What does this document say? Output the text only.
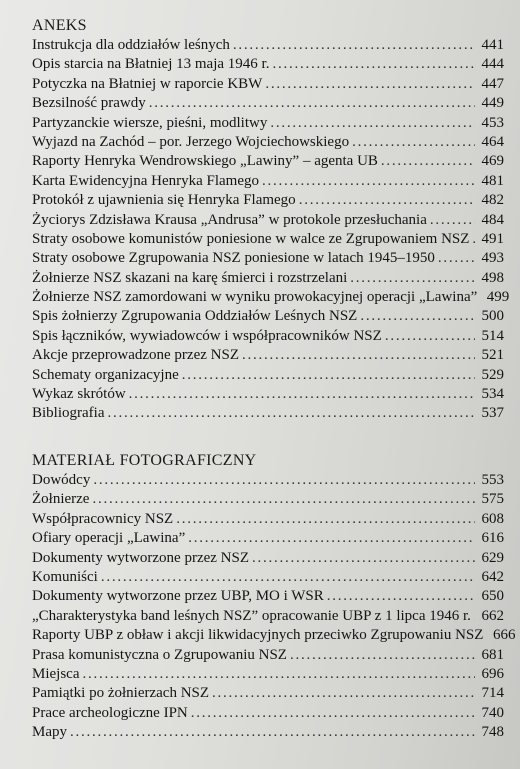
ANEKS
Instrukcja dla oddziałów leśnych . . .	441
Opis starcia na Błatniej 13 maja 1946 r. . . .	444
Potyczka na Błatniej w raporcie KBW . . .	447
Bezsilność prawdy . . .	449
Partyzanckie wiersze, pieśni, modlitwy . . .	453
Wyjazd na Zachód – por. Jerzego Wojciechowskiego . . .	464
Raporty Henryka Wendrowskiego „Lawiny” – agenta UB . . .	469
Karta Ewidencyjna Henryka Flamego . . .	481
Protokół z ujawnienia się Henryka Flamego . . .	482
Życiorys Zdzisława Krausa „Andrusa” w protokole przesłuchania . . .	484
Straty osobowe komunistów poniesione w walce ze Zgrupowaniem NSZ . . . 491
Straty osobowe Zgrupowania NSZ poniesione w latach 1945–1950 . . .	493
Żołnierze NSZ skazani na karę śmierci i rozstrzelani . . .	498
Żołnierze NSZ zamordowani w wyniku prowokacyjnej operacji „Lawina” 499
Spis żołnierzy Zgrupowania Oddziałów Leśnych NSZ . . .	500
Spis łączników, wywiadowców i współpracowników NSZ . . .	514
Akcje przeprowadzone przez NSZ . . .	521
Schematy organizacyjne . . .	529
Wykaz skrótów . . .	534
Bibliografia . . .	537
MATERIAŁ FOTOGRAFICZNY
Dowódcy . . .	553
Żołnierze . . .	575
Współpracownicy NSZ . . .	608
Ofiary operacji „Lawina” . . .	616
Dokumenty wytworzone przez NSZ . . .	629
Komuniści . . .	642
Dokumenty wytworzone przez UBP, MO i WSR . . .	650
„Charakterystyka band leśnych NSZ” opracowanie UBP z 1 lipca 1946 r. . . . 662
Raporty UBP z obław i akcji likwidacyjnych przeciwko Zgrupowaniu NSZ 666
Prasa komunistyczna o Zgrupowaniu NSZ . . .	681
Miejsca . . .	696
Pamiątki po żołnierzach NSZ . . .	714
Prace archeologiczne IPN . . .	740
Mapy . . .	748
